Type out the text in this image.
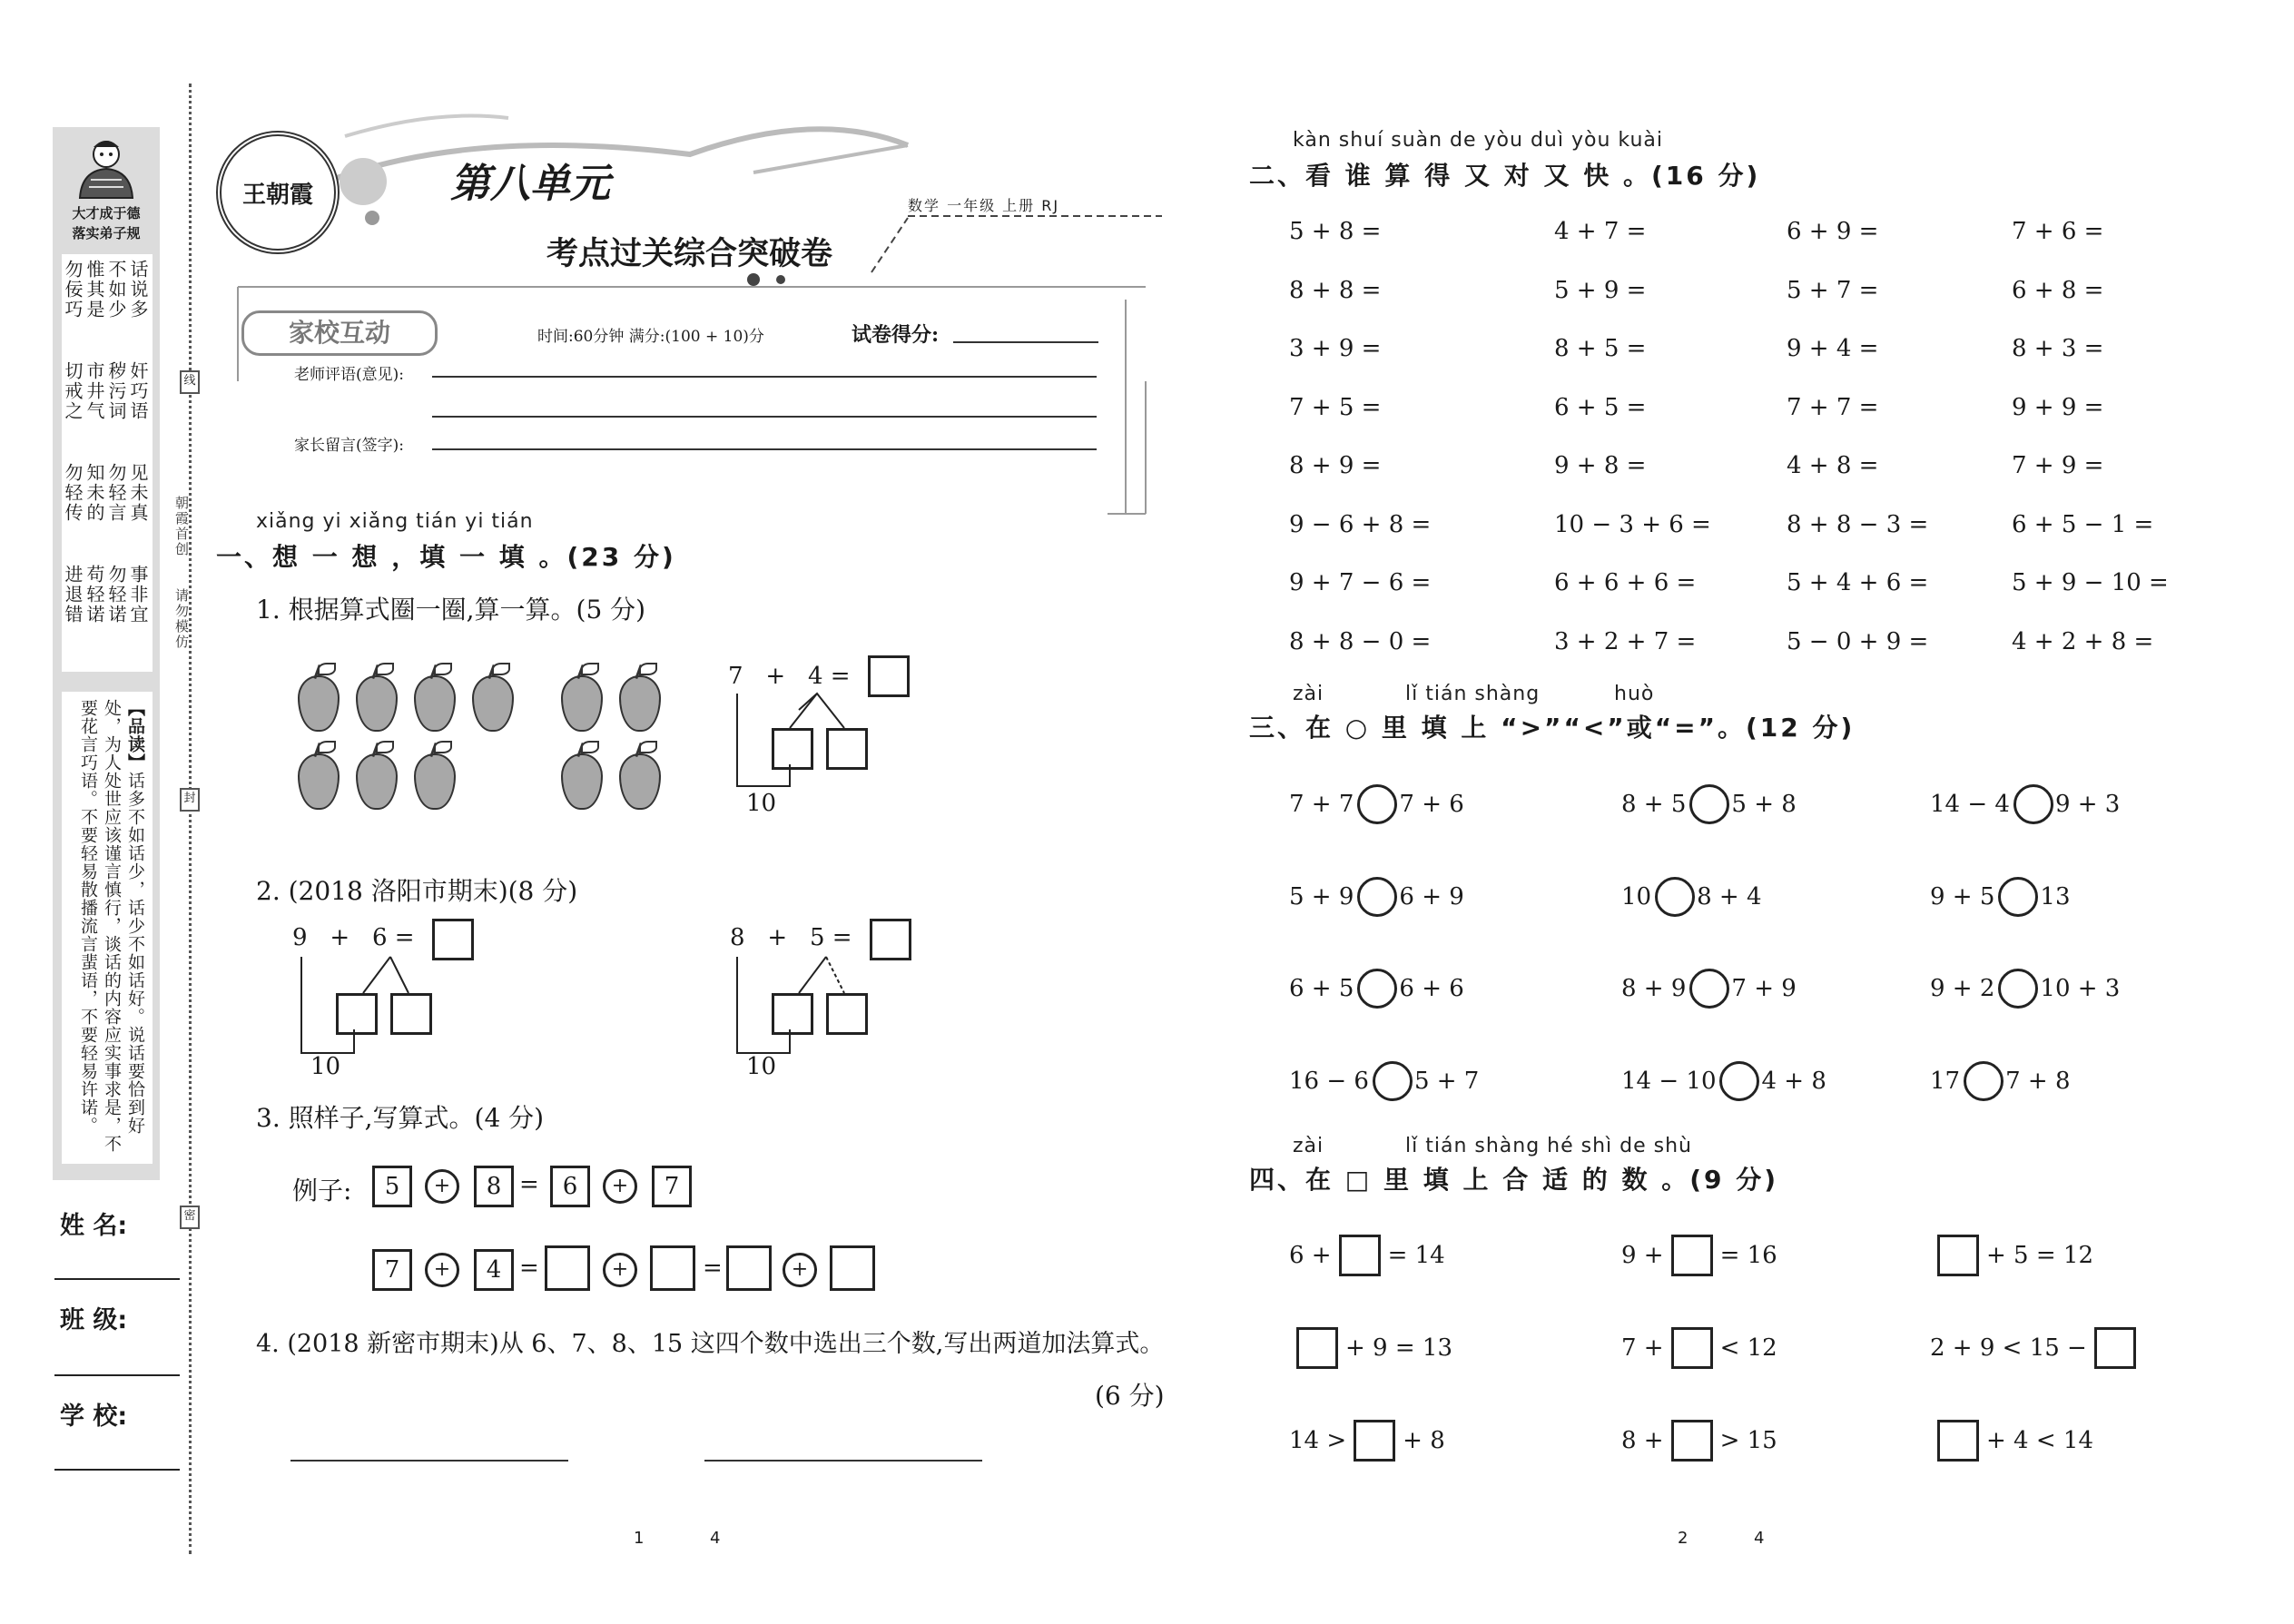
大才成于德
落实弟子规
话说多
不如少
惟其是
勿佞巧
奸巧语
秽污词
市井气
切戒之
见未真
勿轻言
知未的
勿轻传
事非宜
勿轻诺
苟轻诺
进退错
【品读】话多不如话少，话少不如话好。说话要恰到好处，为人处世应该谨言慎行，谈话的内容应实事求是，不要花言巧语。不要轻易散播流言蜚语，不要轻易许诺。
姓 名:
班 级:
学 校:
线
封
密
朝霞首创
请勿模仿
王朝霞	第八单元
考点过关综合突破卷
数学 一年级 上册 RJ
家校互动	时间:60分钟 满分:(100 + 10)分	试卷得分:
老师评语(意见):
家长留言(签字):
xiǎng yi xiǎng tián yi tián
一、想 一 想 ，填 一 填 。(23 分)
1. 根据算式圈一圈,算一算。(5 分)
7 + 4 =
10
2. (2018 洛阳市期末)(8 分)
9 + 6 =
10
8 + 5 =
10
3. 照样子,写算式。(4 分)
例子:	5	+	8 = 6	+	7
7	+	4 =	+	=	+
4. (2018 新密市期末)从 6、7、8、15 这四个数中选出三个数,写出两道加法算式。
(6 分)
1	4
kàn shuí suàn de yòu duì yòu kuài
二、看 谁 算 得 又 对 又 快 。(16 分)
zài	lǐ tián shàng	huò
三、在 ○ 里 填 上 “>”“<”或“=”。(12 分)
zài	lǐ tián shàng hé shì de shù
四、在 □ 里 填 上 合 适 的 数 。(9 分)
2	4
5 + 8 =	4 + 7 =	6 + 9 =	7 + 6 =
8 + 8 =	5 + 9 =	5 + 7 =	6 + 8 =
3 + 9 =	8 + 5 =	9 + 4 =	8 + 3 =
7 + 5 =	6 + 5 =	7 + 7 =	9 + 9 =
8 + 9 =	9 + 8 =	4 + 8 =	7 + 9 =
9 − 6 + 8 =	10 − 3 + 6 =	8 + 8 − 3 =	6 + 5 − 1 =
9 + 7 − 6 =	6 + 6 + 6 =	5 + 4 + 6 =	5 + 9 − 10 =
8 + 8 − 0 =	3 + 2 + 7 =	5 − 0 + 9 =	4 + 2 + 8 =
7 + 7 7 + 6	8 + 5 5 + 8	14 − 4 9 + 3
5 + 9 6 + 9	10 8 + 4	9 + 5 13
6 + 5 6 + 6	8 + 9 7 + 9	9 + 2 10 + 3
16 − 6 5 + 7	14 − 10 4 + 8	17 7 + 8
6 + = 14	9 + = 16	+ 5 = 12
+ 9 = 13	7 + < 12	2 + 9 < 15 −
14 > + 8	8 + > 15	+ 4 < 14
